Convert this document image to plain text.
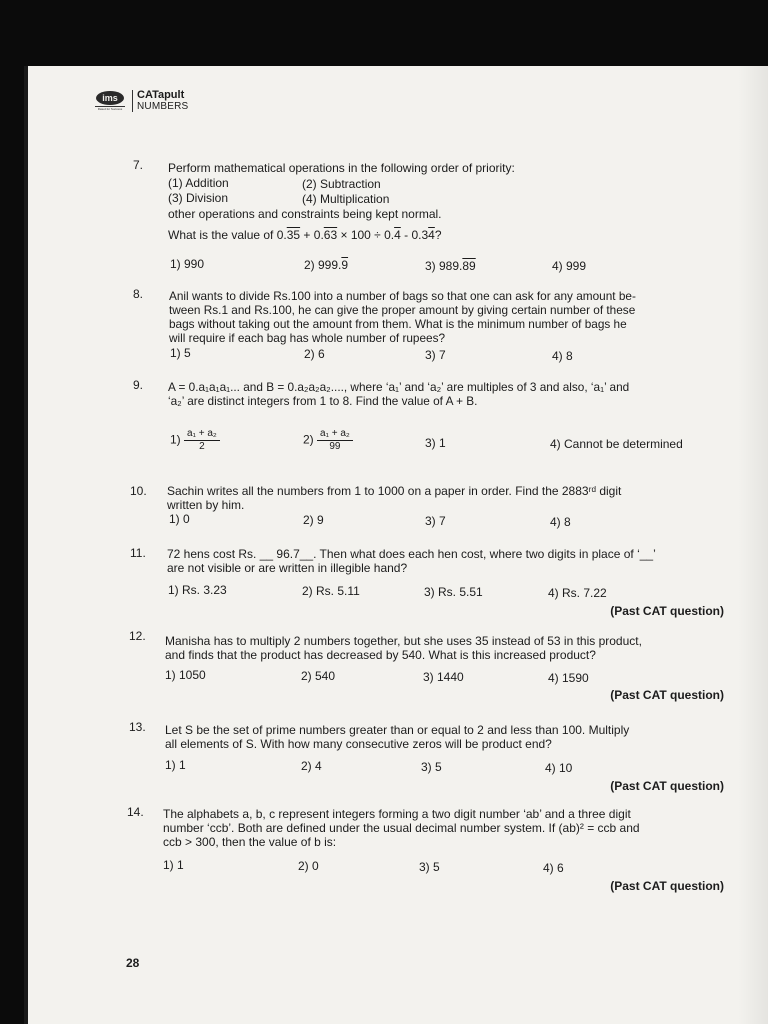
ims
Rated for Success
CATapult
NUMBERS
7. Perform mathematical operations in the following order of priority:
(1) Addition	(2) Subtraction
(3) Division	(4) Multiplication
other operations and constraints being kept normal.
What is the value of 0.35 + 0.63 × 100 ÷ 0.4 - 0.34?
1) 990	2) 999.9	3) 989.89	4) 999
8. Anil wants to divide Rs.100 into a number of bags so that one can ask for any amount be-
tween Rs.1 and Rs.100, he can give the proper amount by giving certain number of these
bags without taking out the amount from them. What is the minimum number of bags he
will require if each bag has whole number of rupees?
1) 5	2) 6	3) 7	4) 8
9. A = 0.a₁a₁a₁... and B = 0.a₂a₂a₂...., where ‘a₁’ and ‘a₂’ are multiples of 3 and also, ‘a₁’ and
‘a₂’ are distinct integers from 1 to 8. Find the value of A + B.
$1) \frac{\text{a₁ + a₂}}{2}$	$2) \frac{\text{a₁ + a₂}}{99}$	3) 1	4) Cannot be determined
10. Sachin writes all the numbers from 1 to 1000 on a paper in order. Find the 2883ʳᵈ digit
written by him.
1) 0	2) 9	3) 7	4) 8
11. 72 hens cost Rs. __ 96.7__. Then what does each hen cost, where two digits in place of ‘__’
are not visible or are written in illegible hand?
1) Rs. 3.23	2) Rs. 5.11	3) Rs. 5.51	4) Rs. 7.22
(Past CAT question)
12. Manisha has to multiply 2 numbers together, but she uses 35 instead of 53 in this product,
and finds that the product has decreased by 540. What is this increased product?
1) 1050	2) 540	3) 1440	4) 1590
(Past CAT question)
13. Let S be the set of prime numbers greater than or equal to 2 and less than 100. Multiply
all elements of S. With how many consecutive zeros will be product end?
1) 1	2) 4	3) 5	4) 10
(Past CAT question)
14. The alphabets a, b, c represent integers forming a two digit number ‘ab’ and a three digit
number ‘ccb’. Both are defined under the usual decimal number system. If (ab)² = ccb and
ccb > 300, then the value of b is:
1) 1	2) 0	3) 5	4) 6
(Past CAT question)
28
